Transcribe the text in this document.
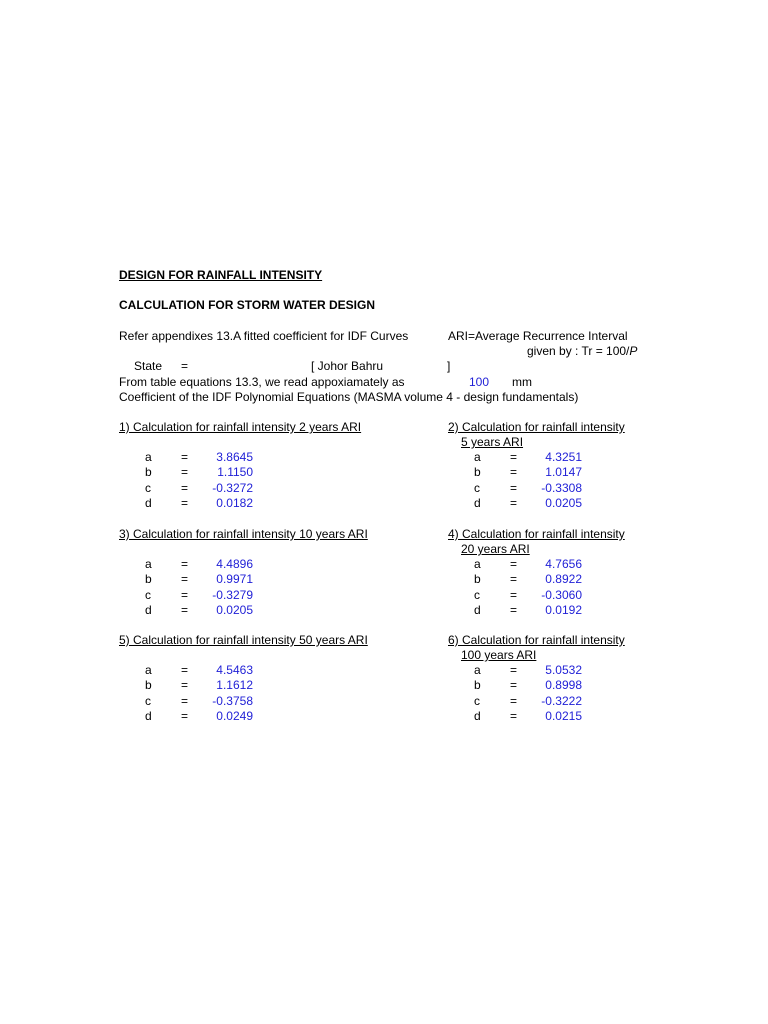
DESIGN FOR RAINFALL INTENSITY
CALCULATION FOR STORM WATER DESIGN
Refer appendixes 13.A fitted coefficient for IDF Curves	ARI=Average Recurrence Interval
given by : Tr = 100/P
State =	[ Johor Bahru	]
From table equations 13.3, we read appoxiamately as	100 mm
Coefficient of the IDF Polynomial Equations (MASMA volume 4 - design fundamentals)
1) Calculation for rainfall intensity 2 years ARI
a =	3.8645
b =	1.1150
c	=	-0.3272
d =	0.0182
2) Calculation for rainfall intensity
5 years ARI
a =	4.3251
b =	1.0147
c	=	-0.3308
d =	0.0205
3) Calculation for rainfall intensity 10 years ARI
a =	4.4896
b =	0.9971
c	=	-0.3279
d =	0.0205
4) Calculation for rainfall intensity
20 years ARI
a =	4.7656
b =	0.8922
c	=	-0.3060
d =	0.0192
5) Calculation for rainfall intensity 50 years ARI
a =	4.5463
b =	1.1612
c	=	-0.3758
d =	0.0249
6) Calculation for rainfall intensity
100 years ARI
a =	5.0532
b =	0.8998
c	=	-0.3222
d =	0.0215
